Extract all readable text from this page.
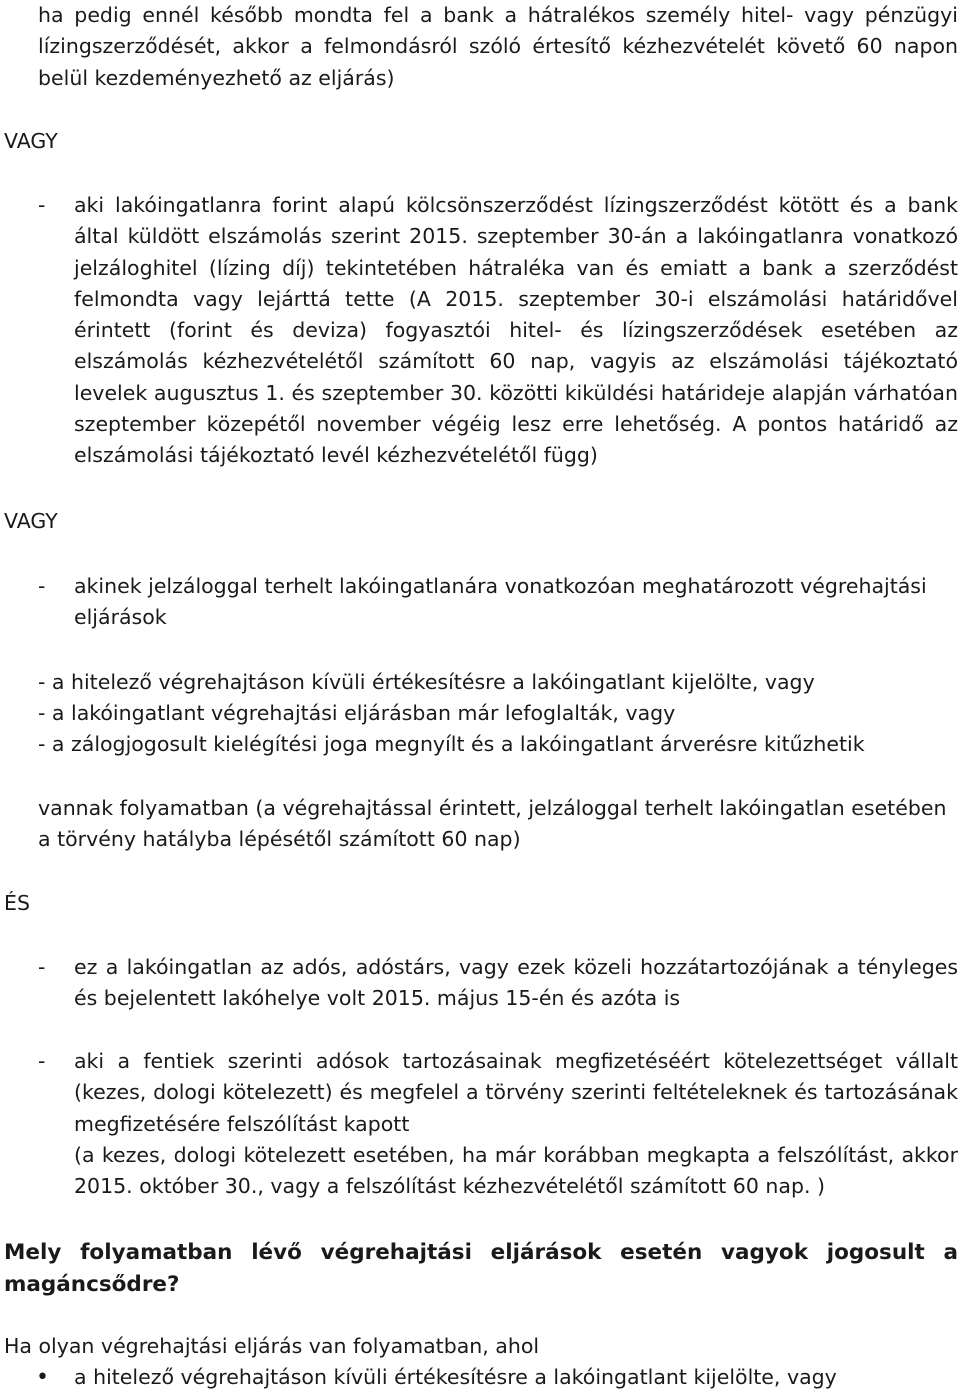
ha pedig ennél később mondta fel a bank a hátralékos személy hitel- vagy pénzügyi lízingszerződését, akkor a felmondásról szóló értesítő kézhezvételét követő 60 napon belül kezdeményezhető az eljárás)

VAGY

- aki lakóingatlanra forint alapú kölcsönszerződést lízingszerződést kötött és a bank által küldött elszámolás szerint 2015. szeptember 30-án a lakóingatlanra vonatkozó jelzáloghitel (lízing díj) tekintetében hátraléka van és emiatt a bank a szerződést felmondta vagy lejárttá tette (A 2015. szeptember 30-i elszámolási határidővel érintett (forint és deviza) fogyasztói hitel- és lízingszerződések esetében az elszámolás kézhezvételétől számított 60 nap, vagyis az elszámolási tájékoztató levelek augusztus 1. és szeptember 30. közötti kiküldési határideje alapján várhatóan szeptember közepétől november végéig lesz erre lehetőség. A pontos határidő az elszámolási tájékoztató levél kézhezvételétől függ)

VAGY

- akinek jelzáloggal terhelt lakóingatlanára vonatkozóan meghatározott végrehajtási eljárások

- a hitelező végrehajtáson kívüli értékesítésre a lakóingatlant kijelölte, vagy

- a lakóingatlant végrehajtási eljárásban már lefoglalták, vagy

- a zálogjogosult kielégítési joga megnyílt és a lakóingatlant árverésre kitűzhetik

vannak folyamatban (a végrehajtással érintett, jelzáloggal terhelt lakóingatlan esetében a törvény hatályba lépésétől számított 60 nap)

ÉS

- ez a lakóingatlan az adós, adóstárs, vagy ezek közeli hozzátartozójának a tényleges és bejelentett lakóhelye volt 2015. május 15-én és azóta is

- aki a fentiek szerinti adósok tartozásainak megfizetéséért kötelezettséget vállalt (kezes, dologi kötelezett) és megfelel a törvény szerinti feltételeknek és tartozásának megfizetésére felszólítást kapott

(a kezes, dologi kötelezett esetében, ha már korábban megkapta a felszólítást, akkor 2015. október 30., vagy a felszólítást kézhezvételétől számított 60 nap. )

Mely folyamatban lévő végrehajtási eljárások esetén vagyok jogosult a magáncsődre?

Ha olyan végrehajtási eljárás van folyamatban, ahol

• a hitelező végrehajtáson kívüli értékesítésre a lakóingatlant kijelölte, vagy
